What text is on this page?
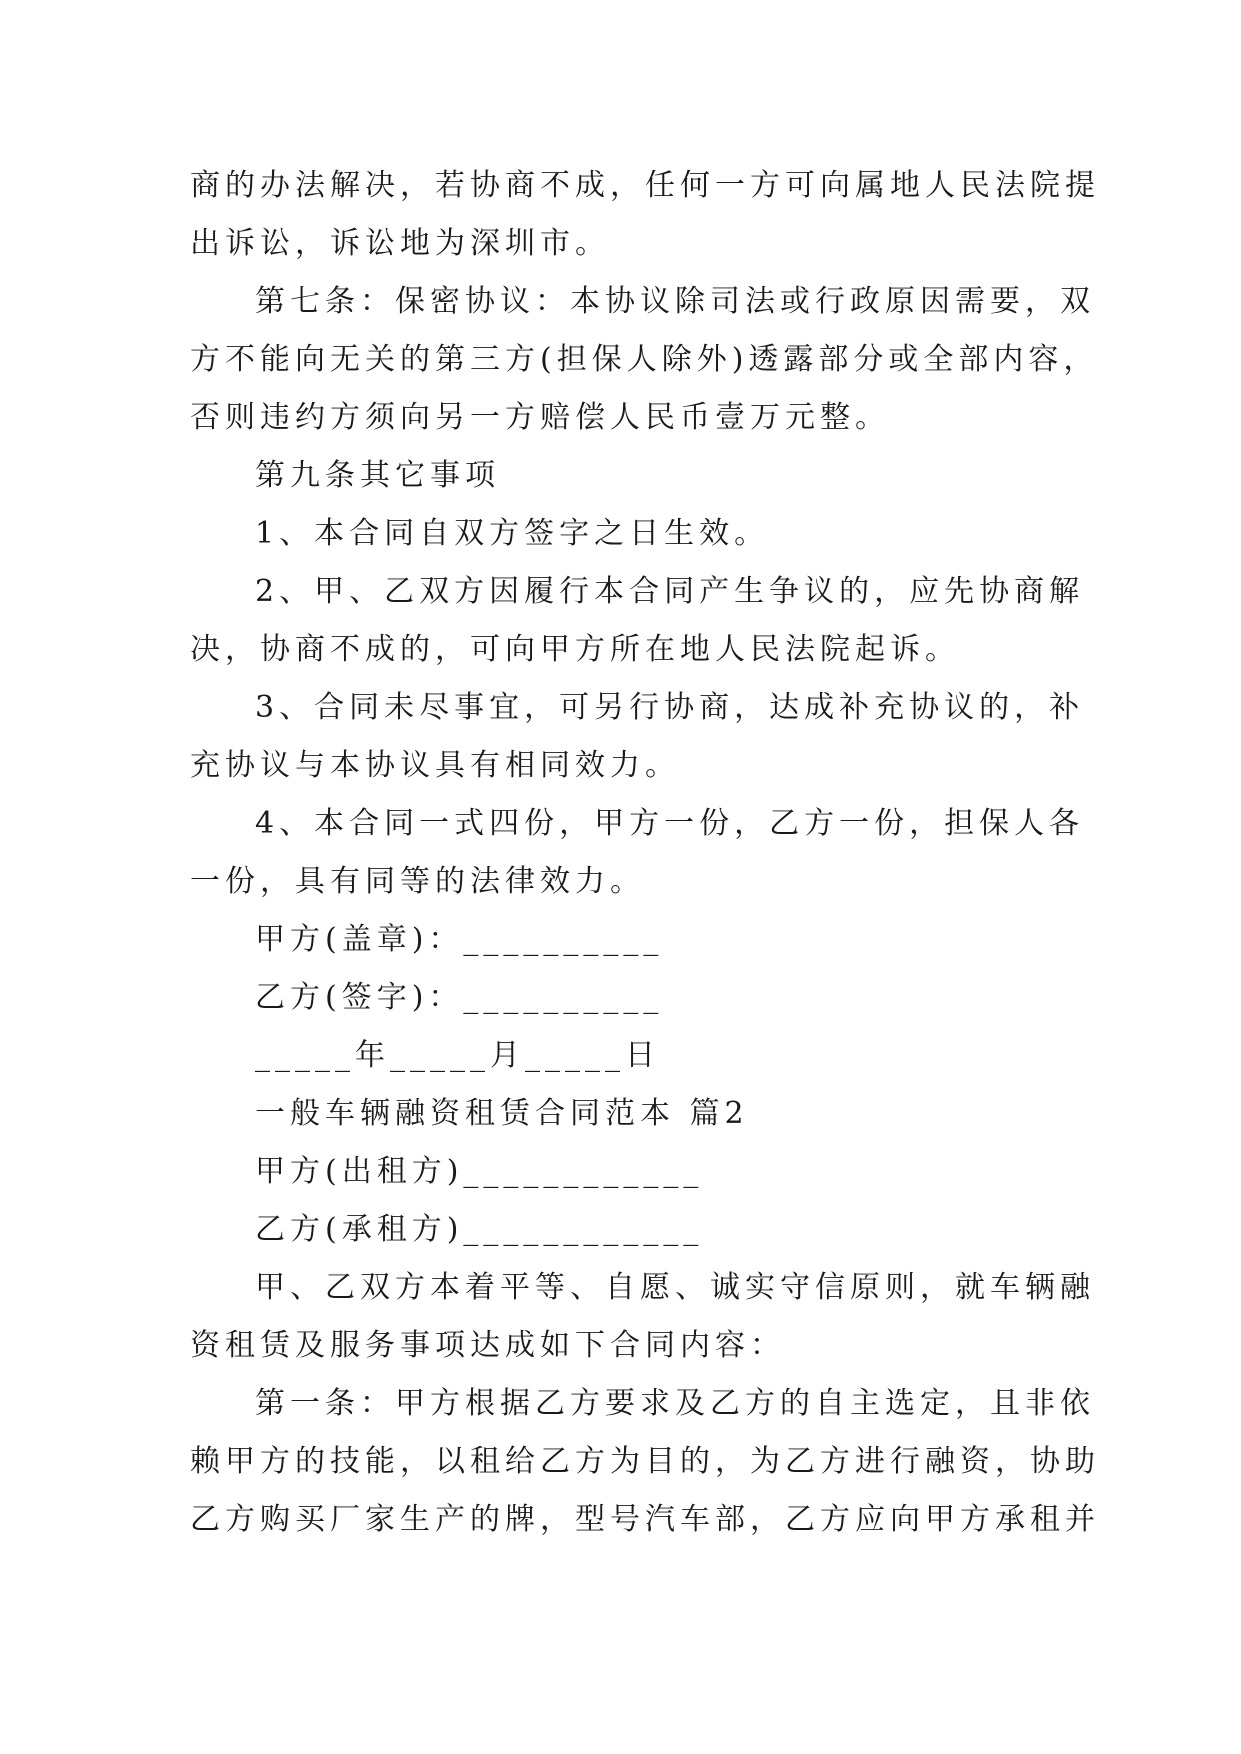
商的办法解决，若协商不成，任何一方可向属地人民法院提
出诉讼，诉讼地为深圳市。
第七条：保密协议：本协议除司法或行政原因需要，双
方不能向无关的第三方(担保人除外)透露部分或全部内容，
否则违约方须向另一方赔偿人民币壹万元整。
第九条其它事项
1、本合同自双方签字之日生效。
2、甲、乙双方因履行本合同产生争议的，应先协商解
决，协商不成的，可向甲方所在地人民法院起诉。
3、合同未尽事宜，可另行协商，达成补充协议的，补
充协议与本协议具有相同效力。
4、本合同一式四份，甲方一份，乙方一份，担保人各
一份，具有同等的法律效力。
甲方(盖章)：__________
乙方(签字)：__________
_____年_____月_____日
一般车辆融资租赁合同范本 篇2
甲方(出租方)____________
乙方(承租方)____________
甲、乙双方本着平等、自愿、诚实守信原则，就车辆融
资租赁及服务事项达成如下合同内容：
第一条：甲方根据乙方要求及乙方的自主选定，且非依
赖甲方的技能，以租给乙方为目的，为乙方进行融资，协助
乙方购买厂家生产的牌，型号汽车部，乙方应向甲方承租并
